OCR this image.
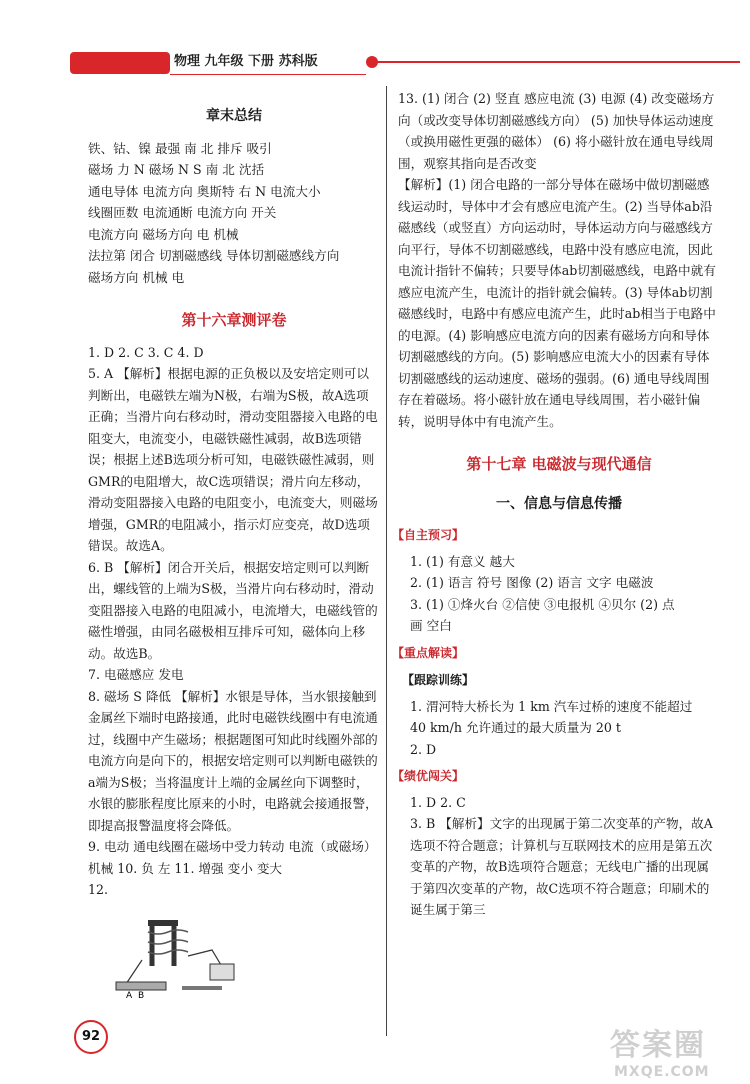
物理 九年级 下册 苏科版
章末总结
铁、钴、镍 最强 南 北 排斥 吸引
磁场 力 N 磁场 N S 南 北 沈括
通电导体 电流方向 奥斯特 右 N 电流大小
线圈匝数 电流通断 电流方向 开关
电流方向 磁场方向 电 机械
法拉第 闭合 切割磁感线 导体切割磁感线方向
磁场方向 机械 电
第十六章测评卷
1. D 2. C 3. C 4. D
5. A 【解析】根据电源的正负极以及安培定则可以判断出，电磁铁左端为N极，右端为S极，故A选项正确；当滑片向右移动时，滑动变阻器接入电路的电阻变大，电流变小，电磁铁磁性减弱，故B选项错误；根据上述B选项分析可知，电磁铁磁性减弱，则GMR的电阻增大，故C选项错误；滑片向左移动，滑动变阻器接入电路的电阻变小，电流变大，则磁场增强，GMR的电阻减小，指示灯应变亮，故D选项错误。故选A。
6. B 【解析】闭合开关后，根据安培定则可以判断出，螺线管的上端为S极，当滑片向右移动时，滑动变阻器接入电路的电阻减小，电流增大，电磁线管的磁性增强，由同名磁极相互排斥可知，磁体向上移动。故选B。
7. 电磁感应 发电
8. 磁场 S 降低 【解析】水银是导体，当水银接触到金属丝下端时电路接通，此时电磁铁线圈中有电流通过，线圈中产生磁场；根据题图可知此时线圈外部的电流方向是向下的，根据安培定则可以判断电磁铁的a端为S极；当将温度计上端的金属丝向下调整时，水银的膨胀程度比原来的小时，电路就会接通报警，即提高报警温度将会降低。
9. 电动 通电线圈在磁场中受力转动 电流（或磁场）
机械 10. 负 左 11. 增强 变小 变大
12.
A B
92
13. (1) 闭合 (2) 竖直 感应电流 (3) 电源 (4) 改变磁场方向（或改变导体切割磁感线方向） (5) 加快导体运动速度（或换用磁性更强的磁体） (6) 将小磁针放在通电导线周围，观察其指向是否改变
【解析】(1) 闭合电路的一部分导体在磁场中做切割磁感线运动时，导体中才会有感应电流产生。(2) 当导体ab沿磁感线（或竖直）方向运动时，导体运动方向与磁感线方向平行，导体不切割磁感线，电路中没有感应电流，因此电流计指针不偏转；只要导体ab切割磁感线，电路中就有感应电流产生，电流计的指针就会偏转。(3) 导体ab切割磁感线时，电路中有感应电流产生，此时ab相当于电路中的电源。(4) 影响感应电流方向的因素有磁场方向和导体切割磁感线的方向。(5) 影响感应电流大小的因素有导体切割磁感线的运动速度、磁场的强弱。(6) 通电导线周围存在着磁场。将小磁针放在通电导线周围，若小磁针偏转，说明导体中有电流产生。
第十七章 电磁波与现代通信
一、信息与信息传播
【自主预习】
1. (1) 有意义 越大
2. (1) 语言 符号 图像 (2) 语言 文字 电磁波
3. (1) ①烽火台 ②信使 ③电报机 ④贝尔 (2) 点
画 空白
【重点解读】
【跟踪训练】
1. 渭河特大桥长为 1 km 汽车过桥的速度不能超过
40 km/h 允许通过的最大质量为 20 t
2. D
【绩优闯关】
1. D 2. C
3. B 【解析】文字的出现属于第二次变革的产物，故A选项不符合题意；计算机与互联网技术的应用是第五次变革的产物，故B选项符合题意；无线电广播的出现属于第四次变革的产物，故C选项不符合题意；印刷术的诞生属于第三
答案圈
MXQE.COM
